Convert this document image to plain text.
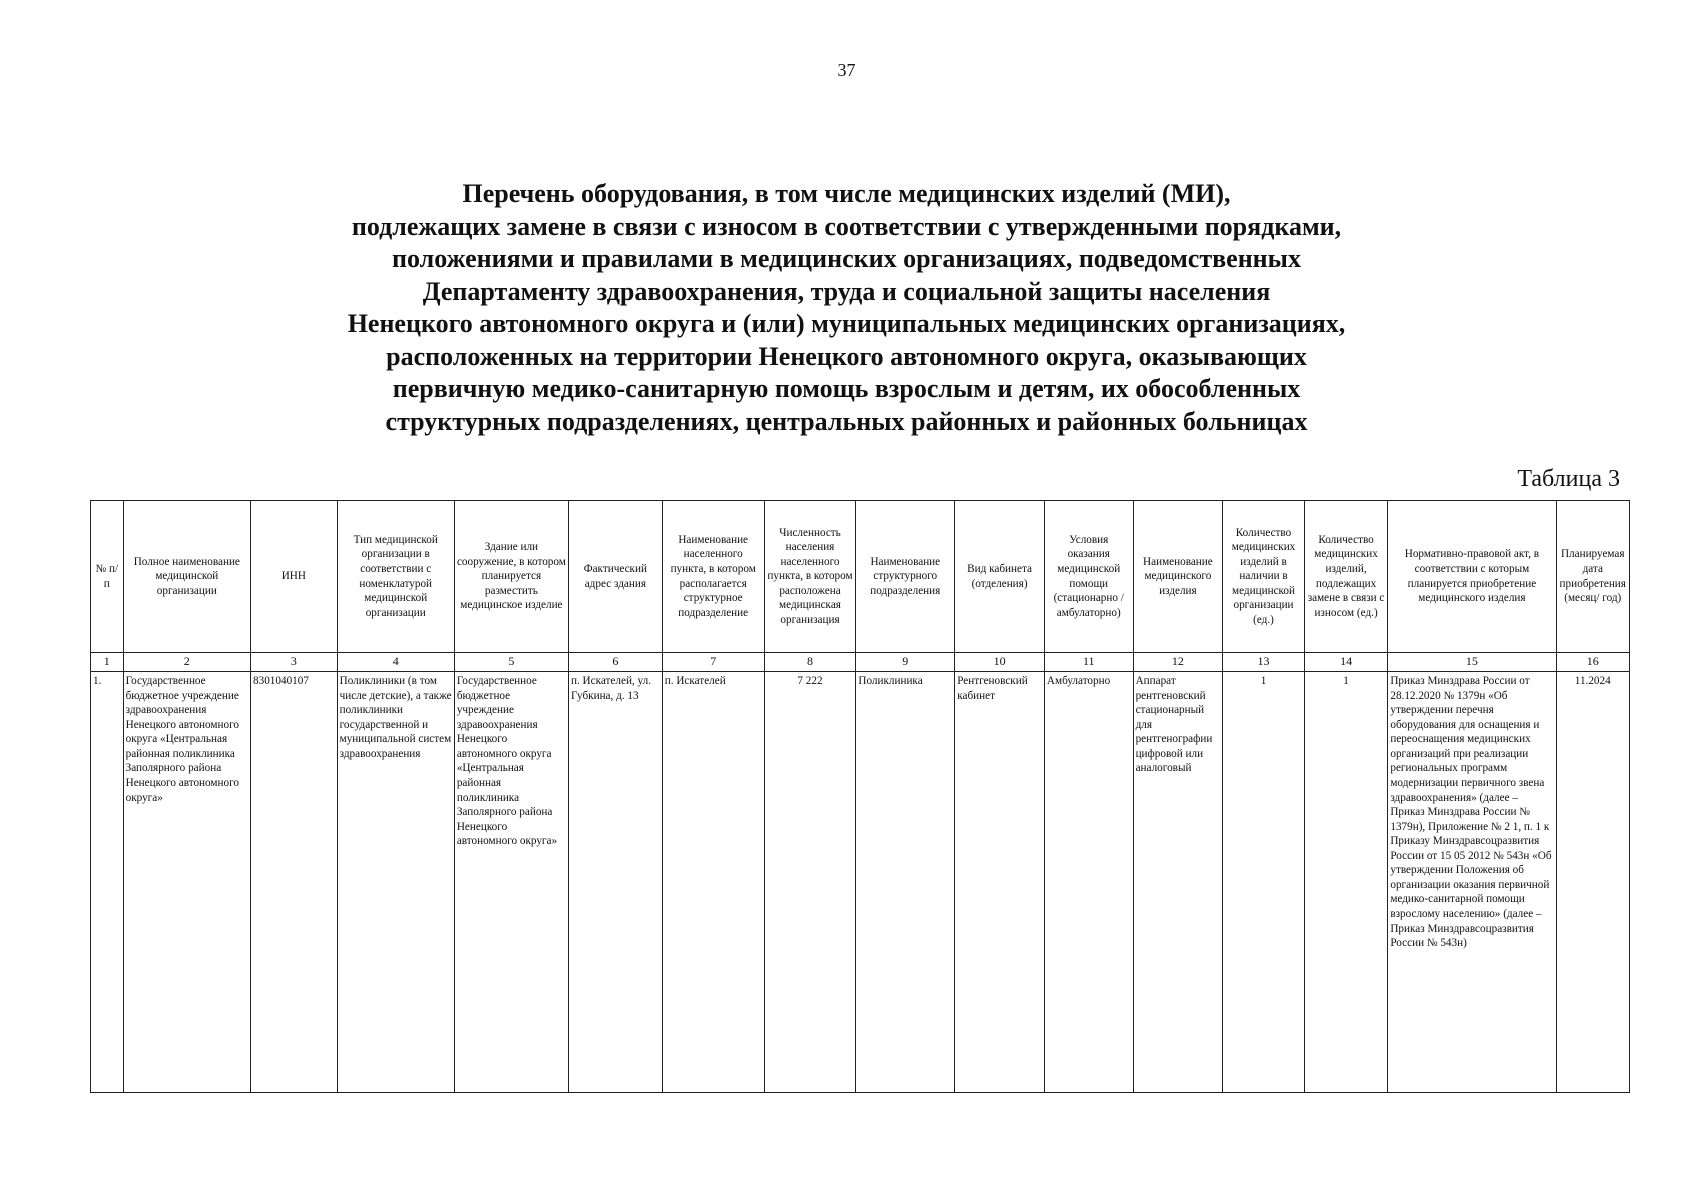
37
Перечень оборудования, в том числе медицинских изделий (МИ),
подлежащих замене в связи с износом в соответствии с утвержденными порядками,
положениями и правилами в медицинских организациях, подведомственных
Департаменту здравоохранения, труда и социальной защиты населения
Ненецкого автономного округа и (или) муниципальных медицинских организациях,
расположенных на территории Ненецкого автономного округа, оказывающих
первичную медико-санитарную помощь взрослым и детям, их обособленных
структурных подразделениях, центральных районных и районных больницах
Таблица 3
№ п/п	Полное наименование медицинской организации	ИНН	Тип медицинской организации в соответствии с номенклатурой медицинской организации	Здание или сооружение, в котором планируется разместить медицинское изделие	Фактический адрес здания	Наименование населенного пункта, в котором располагается структурное подразделение	Численность населения населенного пункта, в котором расположена медицинская организация	Наименование структурного подразделения	Вид кабинета (отделения)	Условия оказания медицинской помощи (стационарно / амбулаторно)	Наименование медицинского изделия	Количество медицинских изделий в наличии в медицинской организации (ед.)	Количество медицинских изделий, подлежащих замене в связи с износом (ед.)	Нормативно-правовой акт, в соответствии с которым планируется приобретение медицинского изделия	Планируемая дата приобретения (месяц/ год)
1	2	3	4	5	6	7	8	9	10	11	12	13	14	15	16
1.	Государственное бюджетное учреждение здравоохранения Ненецкого автономного округа «Центральная районная поликлиника Заполярного района Ненецкого автономного округа»	8301040107	Поликлиники (в том числе детские), а также поликлиники государственной и муниципальной систем здравоохранения	Государственное бюджетное учреждение здравоохранения Ненецкого автономного округа «Центральная районная поликлиника Заполярного района Ненецкого автономного округа»	п. Искателей, ул. Губкина, д. 13	п. Искателей	7 222	Поликлиника	Рентгеновский кабинет	Амбулаторно	Аппарат рентгеновский стационарный для рентгенографии цифровой или аналоговый	1	1	Приказ Минздрава России от 28.12.2020 № 1379н «Об утверждении перечня оборудования для оснащения и переоснащения медицинских организаций при реализации региональных программ модернизации первичного звена здравоохранения» (далее – Приказ Минздрава России № 1379н), Приложение № 2 1, п. 1 к Приказу Минздравсоцразвития России от 15 05 2012 № 543н «Об утверждении Положения об организации оказания первичной медико-санитарной помощи взрослому населению» (далее – Приказ Минздравсоцразвития России № 543н)	11.2024
